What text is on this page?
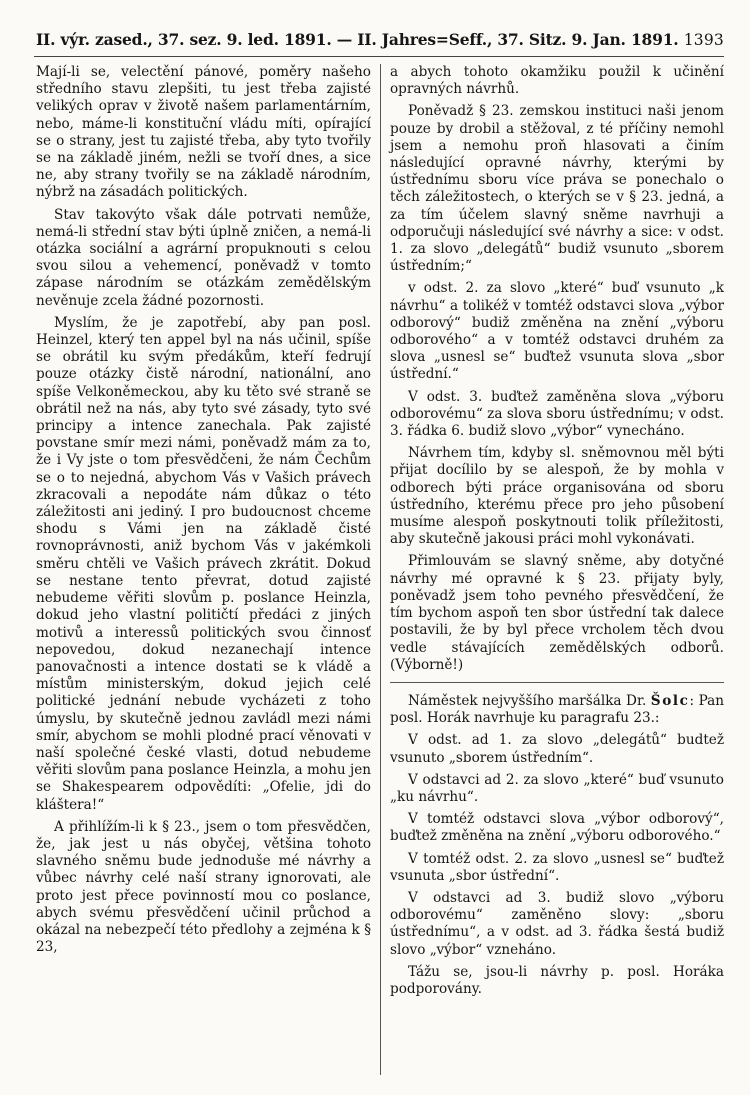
II. výr. zased., 37. sez. 9. led. 1891. — II. Jahres=Seff., 37. Sitz. 9. Jan. 1891. 1393

Mají-li se, velectění pánové, poměry našeho středního stavu zlepšiti, tu jest třeba zajisté velikých oprav v životě našem parlamentárním, nebo, máme-li konstituční vládu míti, opírající se o strany, jest tu zajisté třeba, aby tyto tvořily se na základě jiném, nežli se tvoří dnes, a sice ne, aby strany tvořily se na základě národním, nýbrž na zásadách politických.

Stav takovýto však dále potrvati nemůže, nemá-li střední stav býti úplně zničen, a nemá-li otázka sociální a agrární propuknouti s celou svou silou a vehemencí, poněvadž v tomto zápase národním se otázkám zemědělským nevěnuje zcela žádné pozornosti.

Myslím, že je zapotřebí, aby pan posl. Heinzel, který ten appel byl na nás učinil, spíše se obrátil ku svým předákům, kteří fedrují pouze otázky čistě národní, nationální, ano spíše Velkoněmeckou, aby ku těto své straně se obrátil než na nás, aby tyto své zásady, tyto své principy a intence zanechala. Pak zajisté povstane smír mezi námi, poněvadž mám za to, že i Vy jste o tom přesvědčeni, že nám Čechům se o to nejedná, abychom Vás v Vašich právech zkracovali a nepodáte nám důkaz o této záležitosti ani jediný. I pro budoucnost chceme shodu s Vámi jen na základě čisté rovnoprávnosti, aniž bychom Vás v jakémkoli směru chtěli ve Vašich právech zkrátit. Dokud se nestane tento převrat, dotud zajisté nebudeme věřiti slovům p. poslance Heinzla, dokud jeho vlastní političtí předáci z jiných motivů a interessů politických svou činnosť nepovedou, dokud nezanechají intence panovačnosti a intence dostati se k vládě a místům ministerským, dokud jejich celé politické jednání nebude vycházeti z toho úmyslu, by skutečně jednou zavládl mezi námi smír, abychom se mohli plodné prací věnovati v naší společné české vlasti, dotud nebudeme věřiti slovům pana poslance Heinzla, a mohu jen se Shakespearem odpovědíti: „Ofelie, jdi do kláštera!“

A přihlížím-li k § 23., jsem o tom přesvědčen, že, jak jest u nás obyčej, většina tohoto slavného sněmu bude jednoduše mé návrhy a vůbec návrhy celé naší strany ignorovati, ale proto jest přece povinností mou co poslance, abych svému přesvědčení učinil průchod a okázal na nebezpečí této předlohy a zejména k § 23,

a abych tohoto okamžiku použil k učinění opravných návrhů.

Poněvadž § 23. zemskou instituci naši jenom pouze by drobil a stěžoval, z té příčiny nemohl jsem a nemohu proň hlasovati a činím následující opravné návrhy, kterými by ústřednímu sboru více práva se ponechalo o těch záležitostech, o kterých se v § 23. jedná, a za tím účelem slavný sněme navrhuji a odporučuji následující své návrhy a sice: v odst. 1. za slovo „delegátů“ budiž vsunuto „sborem ústředním;“

v odst. 2. za slovo „které“ buď vsunuto „k návrhu“ a tolikéž v tomtéž odstavci slova „výbor odborový“ budiž změněna na znění „výboru odborového“ a v tomtéž odstavci druhém za slova „usnesl se“ buďtež vsunuta slova „sbor ústřední.“

V odst. 3. buďtež zaměněna slova „výboru odborovému“ za slova sboru ústřednímu; v odst. 3. řádka 6. budiž slovo „výbor“ vynecháno.

Návrhem tím, kdyby sl. sněmovnou měl býti přijat docílilo by se alespoň, že by mohla v odborech býti práce organisována od sboru ústředního, kterému přece pro jeho působení musíme alespoň poskytnouti tolik příležitosti, aby skutečně jakousi práci mohl vykonávati.

Přimlouvám se slavný sněme, aby dotyčné návrhy mé opravné k § 23. přijaty byly, poněvadž jsem toho pevného přesvědčení, že tím bychom aspoň ten sbor ústřední tak dalece postavili, že by byl přece vrcholem těch dvou vedle stávajících zemědělských odborů. (Výborně!)

Náměstek nejvyššího maršálka Dr. Šolc: Pan posl. Horák navrhuje ku paragrafu 23.:

V odst. ad 1. za slovo „delegátů“ budtež vsunuto „sborem ústředním“.

V odstavci ad 2. za slovo „které“ buď vsunuto „ku návrhu“.

V tomtéž odstavci slova „výbor odborový“, buďtež změněna na znění „výboru odborového.“

V tomtéž odst. 2. za slovo „usnesl se“ buďtež vsunuta „sbor ústřední“.

V odstavci ad 3. budiž slovo „výboru odborovému“ zaměněno slovy: „sboru ústřednímu“, a v odst. ad 3. řádka šestá budiž slovo „výbor“ vzneháno.

Tážu se, jsou-li návrhy p. posl. Horáka podporovány.
